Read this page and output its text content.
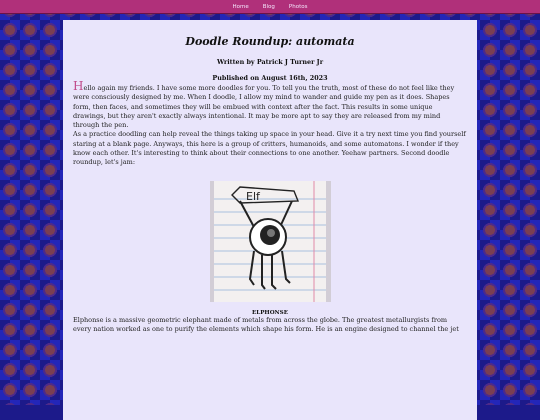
Home	Blog	Photos
Doodle Roundup: automata
Written by Patrick J Turner Jr
Published on August 16th, 2023

Hello again my friends. I have some more doodles for you. To tell you the truth, most of these do not feel like they were consciously designed by me. When I doodle, I allow my mind to wander and guide my pen as it does. Shapes form, then faces, and sometimes they will be embued with context after the fact. This results in some unique drawings, but they aren't exactly always intentional. It may be more apt to say they are released from my mind through the pen.

As a practice doodling can help reveal the things taking up space in your head. Give it a try next time you find yourself staring at a blank page. Anyways, this here is a group of critters, humanoids, and some automatons. I wonder if they know each other. It's interesting to think about their connections to one another. Yeehaw partners. Second doodle roundup, let's jam:

Elf
ELPHONSE

Elphonse is a massive geometric elephant made of metals from across the globe. The greatest metallurgists from every nation worked as one to purify the elements which shape his form. He is an engine designed to channel the jet
